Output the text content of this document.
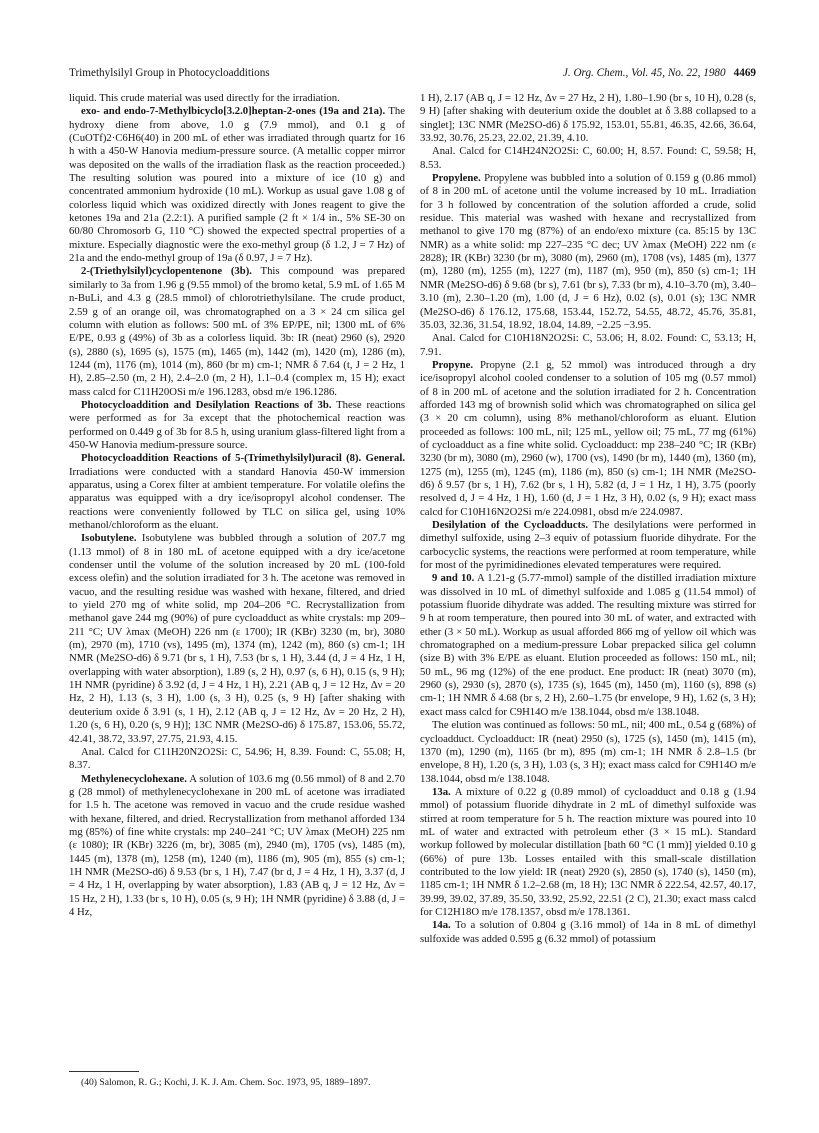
Trimethylsilyl Group in Photocycloadditions	J. Org. Chem., Vol. 45, No. 22, 1980 4469

liquid. This crude material was used directly for the irradiation.

exo- and endo-7-Methylbicyclo[3.2.0]heptan-2-ones (19a and 21a). The hydroxy diene from above, 1.0 g (7.9 mmol), and 0.1 g of (CuOTf)2·C6H6(40) in 200 mL of ether was irradiated through quartz for 16 h with a 450-W Hanovia medium-pressure source. (A metallic copper mirror was deposited on the walls of the irradiation flask as the reaction proceeded.) The resulting solution was poured into a mixture of ice (10 g) and concentrated ammonium hydroxide (10 mL). Workup as usual gave 1.08 g of colorless liquid which was oxidized directly with Jones reagent to give the ketones 19a and 21a (2.2:1). A purified sample (2 ft × 1/4 in., 5% SE-30 on 60/80 Chromosorb G, 110 °C) showed the expected spectral properties of a mixture. Especially diagnostic were the exo-methyl group (δ 1.2, J = 7 Hz) of 21a and the endo-methyl group of 19a (δ 0.97, J = 7 Hz).

2-(Triethylsilyl)cyclopentenone (3b). This compound was prepared similarly to 3a from 1.96 g (9.55 mmol) of the bromo ketal, 5.9 mL of 1.65 M n-BuLi, and 4.3 g (28.5 mmol) of chlorotriethylsilane. The crude product, 2.59 g of an orange oil, was chromatographed on a 3 × 24 cm silica gel column with elution as follows: 500 mL of 3% EP/PE, nil; 1300 mL of 6% E/PE, 0.93 g (49%) of 3b as a colorless liquid. 3b: IR (neat) 2960 (s), 2920 (s), 2880 (s), 1695 (s), 1575 (m), 1465 (m), 1442 (m), 1420 (m), 1286 (m), 1244 (m), 1176 (m), 1014 (m), 860 (br m) cm-1; NMR δ 7.64 (t, J = 2 Hz, 1 H), 2.85–2.50 (m, 2 H), 2.4–2.0 (m, 2 H), 1.1–0.4 (complex m, 15 H); exact mass calcd for C11H20OSi m/e 196.1283, obsd m/e 196.1286.

Photocycloaddition and Desilylation Reactions of 3b. These reactions were performed as for 3a except that the photochemical reaction was performed on 0.449 g of 3b for 8.5 h, using uranium glass-filtered light from a 450-W Hanovia medium-pressure source.

Photocycloaddition Reactions of 5-(Trimethylsilyl)uracil (8). General. Irradiations were conducted with a standard Hanovia 450-W immersion apparatus, using a Corex filter at ambient temperature. For volatile olefins the apparatus was equipped with a dry ice/isopropyl alcohol condenser. The reactions were conveniently followed by TLC on silica gel, using 10% methanol/chloroform as the eluant.

Isobutylene. Isobutylene was bubbled through a solution of 207.7 mg (1.13 mmol) of 8 in 180 mL of acetone equipped with a dry ice/acetone condenser until the volume of the solution increased by 20 mL (100-fold excess olefin) and the solution irradiated for 3 h. The acetone was removed in vacuo, and the resulting residue was washed with hexane, filtered, and dried to yield 270 mg of white solid, mp 204–206 °C. Recrystallization from methanol gave 244 mg (90%) of pure cycloadduct as white crystals: mp 209–211 °C; UV λmax (MeOH) 226 nm (ε 1700); IR (KBr) 3230 (m, br), 3080 (m), 2970 (m), 1710 (vs), 1495 (m), 1374 (m), 1242 (m), 860 (s) cm-1; 1H NMR (Me2SO-d6) δ 9.71 (br s, 1 H), 7.53 (br s, 1 H), 3.44 (d, J = 4 Hz, 1 H, overlapping with water absorption), 1.89 (s, 2 H), 0.97 (s, 6 H), 0.15 (s, 9 H); 1H NMR (pyridine) δ 3.92 (d, J = 4 Hz, 1 H), 2.21 (AB q, J = 12 Hz, Δν = 20 Hz, 2 H), 1.13 (s, 3 H), 1.00 (s, 3 H), 0.25 (s, 9 H) [after shaking with deuterium oxide δ 3.91 (s, 1 H), 2.12 (AB q, J = 12 Hz, Δν = 20 Hz, 2 H), 1.20 (s, 6 H), 0.20 (s, 9 H)]; 13C NMR (Me2SO-d6) δ 175.87, 153.06, 55.72, 42.41, 38.72, 33.97, 27.75, 21.93, 4.15.

Anal. Calcd for C11H20N2O2Si: C, 54.96; H, 8.39. Found: C, 55.08; H, 8.37.

Methylenecyclohexane. A solution of 103.6 mg (0.56 mmol) of 8 and 2.70 g (28 mmol) of methylenecyclohexane in 200 mL of acetone was irradiated for 1.5 h. The acetone was removed in vacuo and the crude residue washed with hexane, filtered, and dried. Recrystallization from methanol afforded 134 mg (85%) of fine white crystals: mp 240–241 °C; UV λmax (MeOH) 225 nm (ε 1080); IR (KBr) 3226 (m, br), 3085 (m), 2940 (m), 1705 (vs), 1485 (m), 1445 (m), 1378 (m), 1258 (m), 1240 (m), 1186 (m), 905 (m), 855 (s) cm-1; 1H NMR (Me2SO-d6) δ 9.53 (br s, 1 H), 7.47 (br d, J = 4 Hz, 1 H), 3.37 (d, J = 4 Hz, 1 H, overlapping by water absorption), 1.83 (AB q, J = 12 Hz, Δν = 15 Hz, 2 H), 1.33 (br s, 10 H), 0.05 (s, 9 H); 1H NMR (pyridine) δ 3.88 (d, J = 4 Hz,

1 H), 2.17 (AB q, J = 12 Hz, Δν = 27 Hz, 2 H), 1.80–1.90 (br s, 10 H), 0.28 (s, 9 H) [after shaking with deuterium oxide the doublet at δ 3.88 collapsed to a singlet]; 13C NMR (Me2SO-d6) δ 175.92, 153.01, 55.81, 46.35, 42.66, 36.64, 33.92, 30.76, 25.23, 22.02, 21.39, 4.10.

Anal. Calcd for C14H24N2O2Si: C, 60.00; H, 8.57. Found: C, 59.58; H, 8.53.

Propylene. Propylene was bubbled into a solution of 0.159 g (0.86 mmol) of 8 in 200 mL of acetone until the volume increased by 10 mL. Irradiation for 3 h followed by concentration of the solution afforded a crude, solid residue. This material was washed with hexane and recrystallized from methanol to give 170 mg (87%) of an endo/exo mixture (ca. 85:15 by 13C NMR) as a white solid: mp 227–235 °C dec; UV λmax (MeOH) 222 nm (ε 2828); IR (KBr) 3230 (br m), 3080 (m), 2960 (m), 1708 (vs), 1485 (m), 1377 (m), 1280 (m), 1255 (m), 1227 (m), 1187 (m), 950 (m), 850 (s) cm-1; 1H NMR (Me2SO-d6) δ 9.68 (br s), 7.61 (br s), 7.33 (br m), 4.10–3.70 (m), 3.40–3.10 (m), 2.30–1.20 (m), 1.00 (d, J = 6 Hz), 0.02 (s), 0.01 (s); 13C NMR (Me2SO-d6) δ 176.12, 175.68, 153.44, 152.72, 54.55, 48.72, 45.76, 35.81, 35.03, 32.36, 31.54, 18.92, 18.04, 14.89, −2.25 −3.95.

Anal. Calcd for C10H18N2O2Si: C, 53.06; H, 8.02. Found: C, 53.13; H, 7.91.

Propyne. Propyne (2.1 g, 52 mmol) was introduced through a dry ice/isopropyl alcohol cooled condenser to a solution of 105 mg (0.57 mmol) of 8 in 200 mL of acetone and the solution irradiated for 2 h. Concentration afforded 143 mg of brownish solid which was chromatographed on silica gel (3 × 20 cm column), using 8% methanol/chloroform as eluant. Elution proceeded as follows: 100 mL, nil; 125 mL, yellow oil; 75 mL, 77 mg (61%) of cycloadduct as a fine white solid. Cycloadduct: mp 238–240 °C; IR (KBr) 3230 (br m), 3080 (m), 2960 (w), 1700 (vs), 1490 (br m), 1440 (m), 1360 (m), 1275 (m), 1255 (m), 1245 (m), 1186 (m), 850 (s) cm-1; 1H NMR (Me2SO-d6) δ 9.57 (br s, 1 H), 7.62 (br s, 1 H), 5.82 (d, J = 1 Hz, 1 H), 3.75 (poorly resolved d, J = 4 Hz, 1 H), 1.60 (d, J = 1 Hz, 3 H), 0.02 (s, 9 H); exact mass calcd for C10H16N2O2Si m/e 224.0981, obsd m/e 224.0987.

Desilylation of the Cycloadducts. The desilylations were performed in dimethyl sulfoxide, using 2–3 equiv of potassium fluoride dihydrate. For the carbocyclic systems, the reactions were performed at room temperature, while for most of the pyrimidinediones elevated temperatures were required.

9 and 10. A 1.21-g (5.77-mmol) sample of the distilled irradiation mixture was dissolved in 10 mL of dimethyl sulfoxide and 1.085 g (11.54 mmol) of potassium fluoride dihydrate was added. The resulting mixture was stirred for 9 h at room temperature, then poured into 30 mL of water, and extracted with ether (3 × 50 mL). Workup as usual afforded 866 mg of yellow oil which was chromatographed on a medium-pressure Lobar prepacked silica gel column (size B) with 3% E/PE as eluant. Elution proceeded as follows: 150 mL, nil; 50 mL, 96 mg (12%) of the ene product. Ene product: IR (neat) 3070 (m), 2960 (s), 2930 (s), 2870 (s), 1735 (s), 1645 (m), 1450 (m), 1160 (s), 898 (s) cm-1; 1H NMR δ 4.68 (br s, 2 H), 2.60–1.75 (br envelope, 9 H), 1.62 (s, 3 H); exact mass calcd for C9H14O m/e 138.1044, obsd m/e 138.1048.

The elution was continued as follows: 50 mL, nil; 400 mL, 0.54 g (68%) of cycloadduct. Cycloadduct: IR (neat) 2950 (s), 1725 (s), 1450 (m), 1415 (m), 1370 (m), 1290 (m), 1165 (br m), 895 (m) cm-1; 1H NMR δ 2.8–1.5 (br envelope, 8 H), 1.20 (s, 3 H), 1.03 (s, 3 H); exact mass calcd for C9H14O m/e 138.1044, obsd m/e 138.1048.

13a. A mixture of 0.22 g (0.89 mmol) of cycloadduct and 0.18 g (1.94 mmol) of potassium fluoride dihydrate in 2 mL of dimethyl sulfoxide was stirred at room temperature for 5 h. The reaction mixture was poured into 10 mL of water and extracted with petroleum ether (3 × 15 mL). Standard workup followed by molecular distillation [bath 60 °C (1 mm)] yielded 0.10 g (66%) of pure 13b. Losses entailed with this small-scale distillation contributed to the low yield: IR (neat) 2920 (s), 2850 (s), 1740 (s), 1450 (m), 1185 cm-1; 1H NMR δ 1.2–2.68 (m, 18 H); 13C NMR δ 222.54, 42.57, 40.17, 39.99, 39.02, 37.89, 35.50, 33.92, 25.92, 22.51 (2 C), 21.30; exact mass calcd for C12H18O m/e 178.1357, obsd m/e 178.1361.

14a. To a solution of 0.804 g (3.16 mmol) of 14a in 8 mL of dimethyl sulfoxide was added 0.595 g (6.32 mmol) of potassium

(40) Salomon, R. G.; Kochi, J. K. J. Am. Chem. Soc. 1973, 95, 1889–1897.
